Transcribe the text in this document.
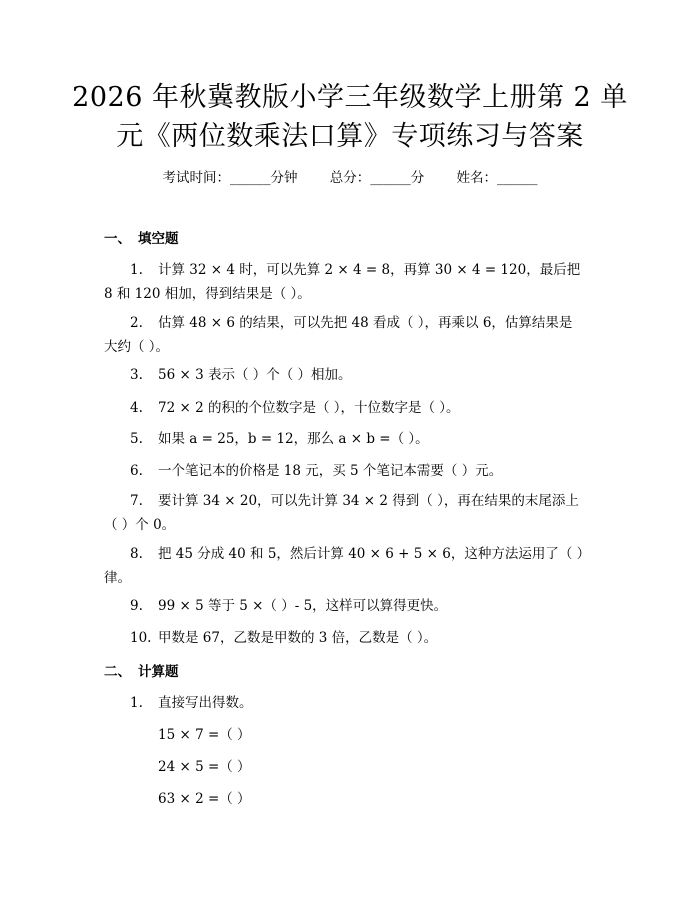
2026 年秋冀教版小学三年级数学上册第 2 单
元《两位数乘法口算》专项练习与答案
考试时间：______分钟 总分：______分 姓名：______
一、 填空题
1. 计算 32 × 4 时，可以先算 2 × 4 = 8，再算 30 × 4 = 120，最后把
8 和 120 相加，得到结果是（ ）。
2. 估算 48 × 6 的结果，可以先把 48 看成（ ），再乘以 6，估算结果是
大约（ ）。
3. 56 × 3 表示（ ）个（ ）相加。
4. 72 × 2 的积的个位数字是（ ），十位数字是（ ）。
5. 如果 a = 25，b = 12，那么 a × b =（ ）。
6. 一个笔记本的价格是 18 元，买 5 个笔记本需要（ ）元。
7. 要计算 34 × 20，可以先计算 34 × 2 得到（ ），再在结果的末尾添上
（ ）个 0。
8. 把 45 分成 40 和 5，然后计算 40 × 6 + 5 × 6，这种方法运用了（ ）
律。
9. 99 × 5 等于 5 ×（ ）- 5，这样可以算得更快。
10. 甲数是 67，乙数是甲数的 3 倍，乙数是（ ）。
二、 计算题
1. 直接写出得数。
15 × 7 =（ ）
24 × 5 =（ ）
63 × 2 =（ ）
